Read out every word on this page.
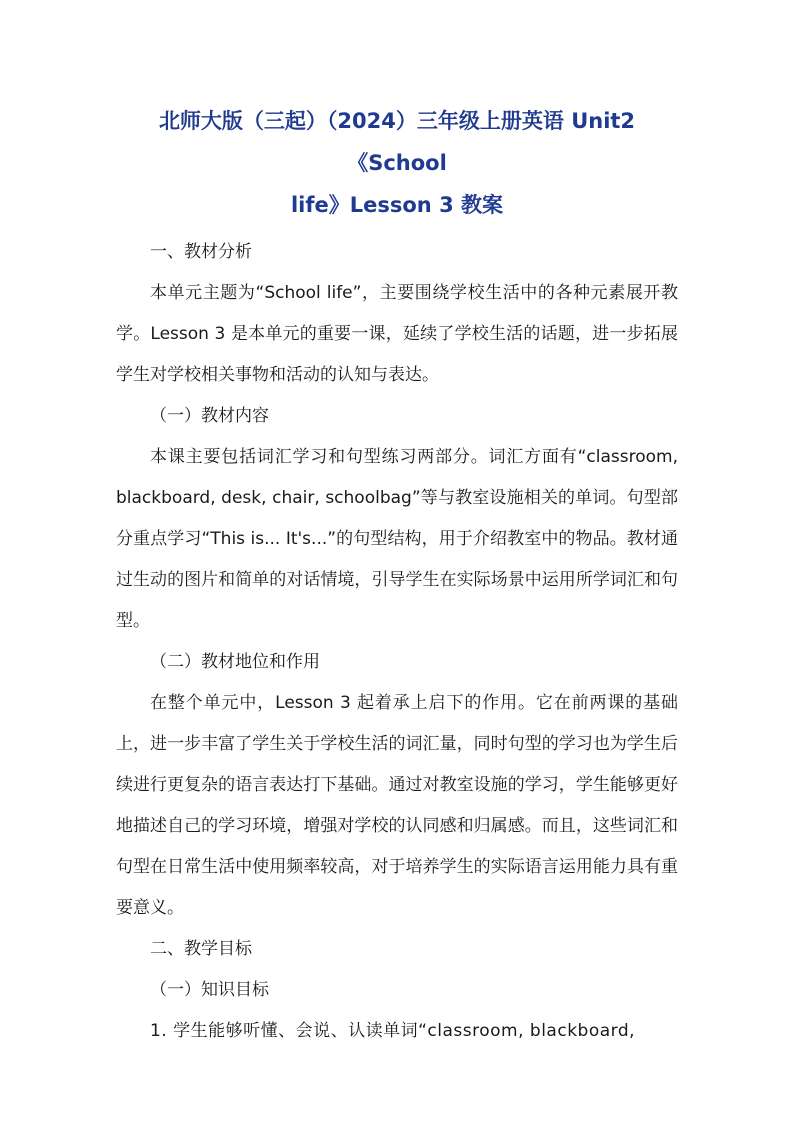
北师大版（三起）（2024）三年级上册英语 Unit2《School
life》Lesson 3 教案

一、教材分析

本单元主题为“School life”，主要围绕学校生活中的各种元素展开教学。Lesson 3 是本单元的重要一课，延续了学校生活的话题，进一步拓展学生对学校相关事物和活动的认知与表达。

（一）教材内容

本课主要包括词汇学习和句型练习两部分。词汇方面有“classroom, blackboard, desk, chair, schoolbag”等与教室设施相关的单词。句型部分重点学习“This is... It's...”的句型结构，用于介绍教室中的物品。教材通过生动的图片和简单的对话情境，引导学生在实际场景中运用所学词汇和句型。

（二）教材地位和作用

在整个单元中，Lesson 3 起着承上启下的作用。它在前两课的基础上，进一步丰富了学生关于学校生活的词汇量，同时句型的学习也为学生后续进行更复杂的语言表达打下基础。通过对教室设施的学习，学生能够更好地描述自己的学习环境，增强对学校的认同感和归属感。而且，这些词汇和句型在日常生活中使用频率较高，对于培养学生的实际语言运用能力具有重要意义。

二、教学目标

（一）知识目标

1. 学生能够听懂、会说、认读单词“classroom, blackboard,
